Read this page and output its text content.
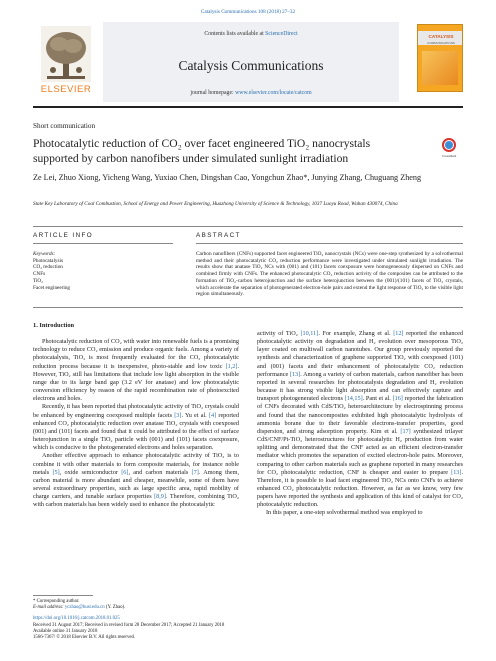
Catalysis Communications 108 (2018) 27–32
ELSEVIER
Contents lists available at ScienceDirect
Catalysis Communications
journal homepage: www.elsevier.com/locate/catcom
CATALYSIS
COMMUNICATIONS
Short communication
Photocatalytic reduction of CO₂ over facet engineered TiO₂ nanocrystals supported by carbon nanofibers under simulated sunlight irradiation	CrossMark
Ze Lei, Zhuo Xiong, Yicheng Wang, Yuxiao Chen, Dingshan Cao, Yongchun Zhao*, Junying Zhang, Chuguang Zheng
State Key Laboratory of Coal Combustion, School of Energy and Power Engineering, Huazhong University of Science & Technology, 1037 Luoyu Road, Wuhan 430074, China
ARTICLE INFO	ABSTRACT
Keywords:
Photocatalysis
CO₂ reduction
CNFs
TiO₂
Facet engineering
Carbon nanofibers (CNFs) supported facet engineered TiO₂ nanocrystals (NCs) were one-step synthesized by a solvothermal method and their photocatalytic CO₂ reduction performance were investigated under simulated sunlight irradiation. The results show that anatase TiO₂ NCs with (001) and (101) facets coexposure were homogeneously dispersed on CNFs and combined firmly with CNFs. The enhanced photocatalytic CO₂ reduction activity of the composites can be attributed to the formation of TiO₂-carbon heterojunction and the surface heterojunction between the (001)/(101) facets of TiO₂ crystals, which accelerate the separation of photogenerated electron-hole pairs and extend the light response of TiO₂ to the visible light region simultaneously.
1. Introduction

Photocatalytic reduction of CO₂ with water into renewable fuels is a promising technology to reduce CO₂ emission and produce organic fuels. Among a variety of photocatalysts, TiO₂ is most frequently evaluated for the CO₂ photocatalytic reduction process because it is inexpensive, photo-stable and low toxic [1,2]. However, TiO₂ still has limitations that include low light absorption in the visible range due to its large band gap (3.2 eV for anatase) and low photocatalytic conversion efficiency by reason of the rapid recombination rate of photoexcited electrons and holes.

Recently, it has been reported that photocatalytic activity of TiO₂ crystals could be enhanced by engineering coexposed multiple facets [3]. Yu et al. [4] reported enhanced CO₂ photocatalytic reduction over anatase TiO₂ crystals with coexposed (001) and (101) facets and found that it could be attributed to the effect of surface heterojunction in a single TiO₂ particle with (001) and (101) facets coexposure, which is conducive to the photogenerated electrons and holes separation.

Another effective approach to enhance photocatalytic activity of TiO₂ is to combine it with other materials to form composite materials, for instance noble metals [5], oxide semiconductor [6], and carbon materials [7]. Among them, carbon material is more abundant and cheaper, meanwhile, some of them have several extraordinary properties, such as large specific area, rapid mobility of charge carriers, and tunable surface properties [8,9]. Therefore, combining TiO₂ with carbon materials has been widely used to enhance the photocatalytic

activity of TiO₂ [10,11]. For example, Zhang et al. [12] reported the enhanced photocatalytic activity on degradation and H₂ evolution over mesoporous TiO₂ layer coated on multiwall carbon nanotubes. Our group previously reported the synthesis and characterization of graphene supported TiO₂ with coexposed (101) and (001) facets and their enhancement of photocatalytic CO₂ reduction performance [13]. Among a variety of carbon materials, carbon nanofiber has been reported in several researches for photocatalysis degradation and H₂ evolution because it has strong visible light absorption and can effectively capture and transport photogenerated electrons [14,15]. Pant et al. [16] reported the fabrication of CNFs decorated with CdS/TiO₂ heteroarchitecture by electrospinning process and found that the nanocomposites exhibited high photocatalytic hydrolysis of ammonia borane due to their favorable electrons-transfer properties, good dispersion, and strong adsorption property. Kim et al. [17] synthesized trilayer CdS/CNF/Pt-TiO₂ heterostructures for photocatalytic H₂ production from water splitting and demonstrated that the CNF acted as an efficient electron-transfer mediator which promotes the separation of excited electron-hole pairs. Moreover, comparing to other carbon materials such as graphene reported in many researches for CO₂ photocatalytic reduction, CNF is cheaper and easier to prepare [13]. Therefore, it is possible to load facet engineered TiO₂ NCs onto CNFs to achieve enhanced CO₂ photocatalytic reduction. However, as far as we know, very few papers have reported the synthesis and application of this kind of catalyst for CO₂ photocatalytic reduction.

In this paper, a one-step solvothermal method was employed to

* Corresponding author.
E-mail address: yczhao@hust.edu.cn (Y. Zhao).
https://doi.org/10.1016/j.catcom.2018.01.025
Received 31 August 2017; Received in revised form 28 December 2017; Accepted 21 January 2018
Available online 31 January 2018
1566-7367/ © 2018 Elsevier B.V. All rights reserved.
